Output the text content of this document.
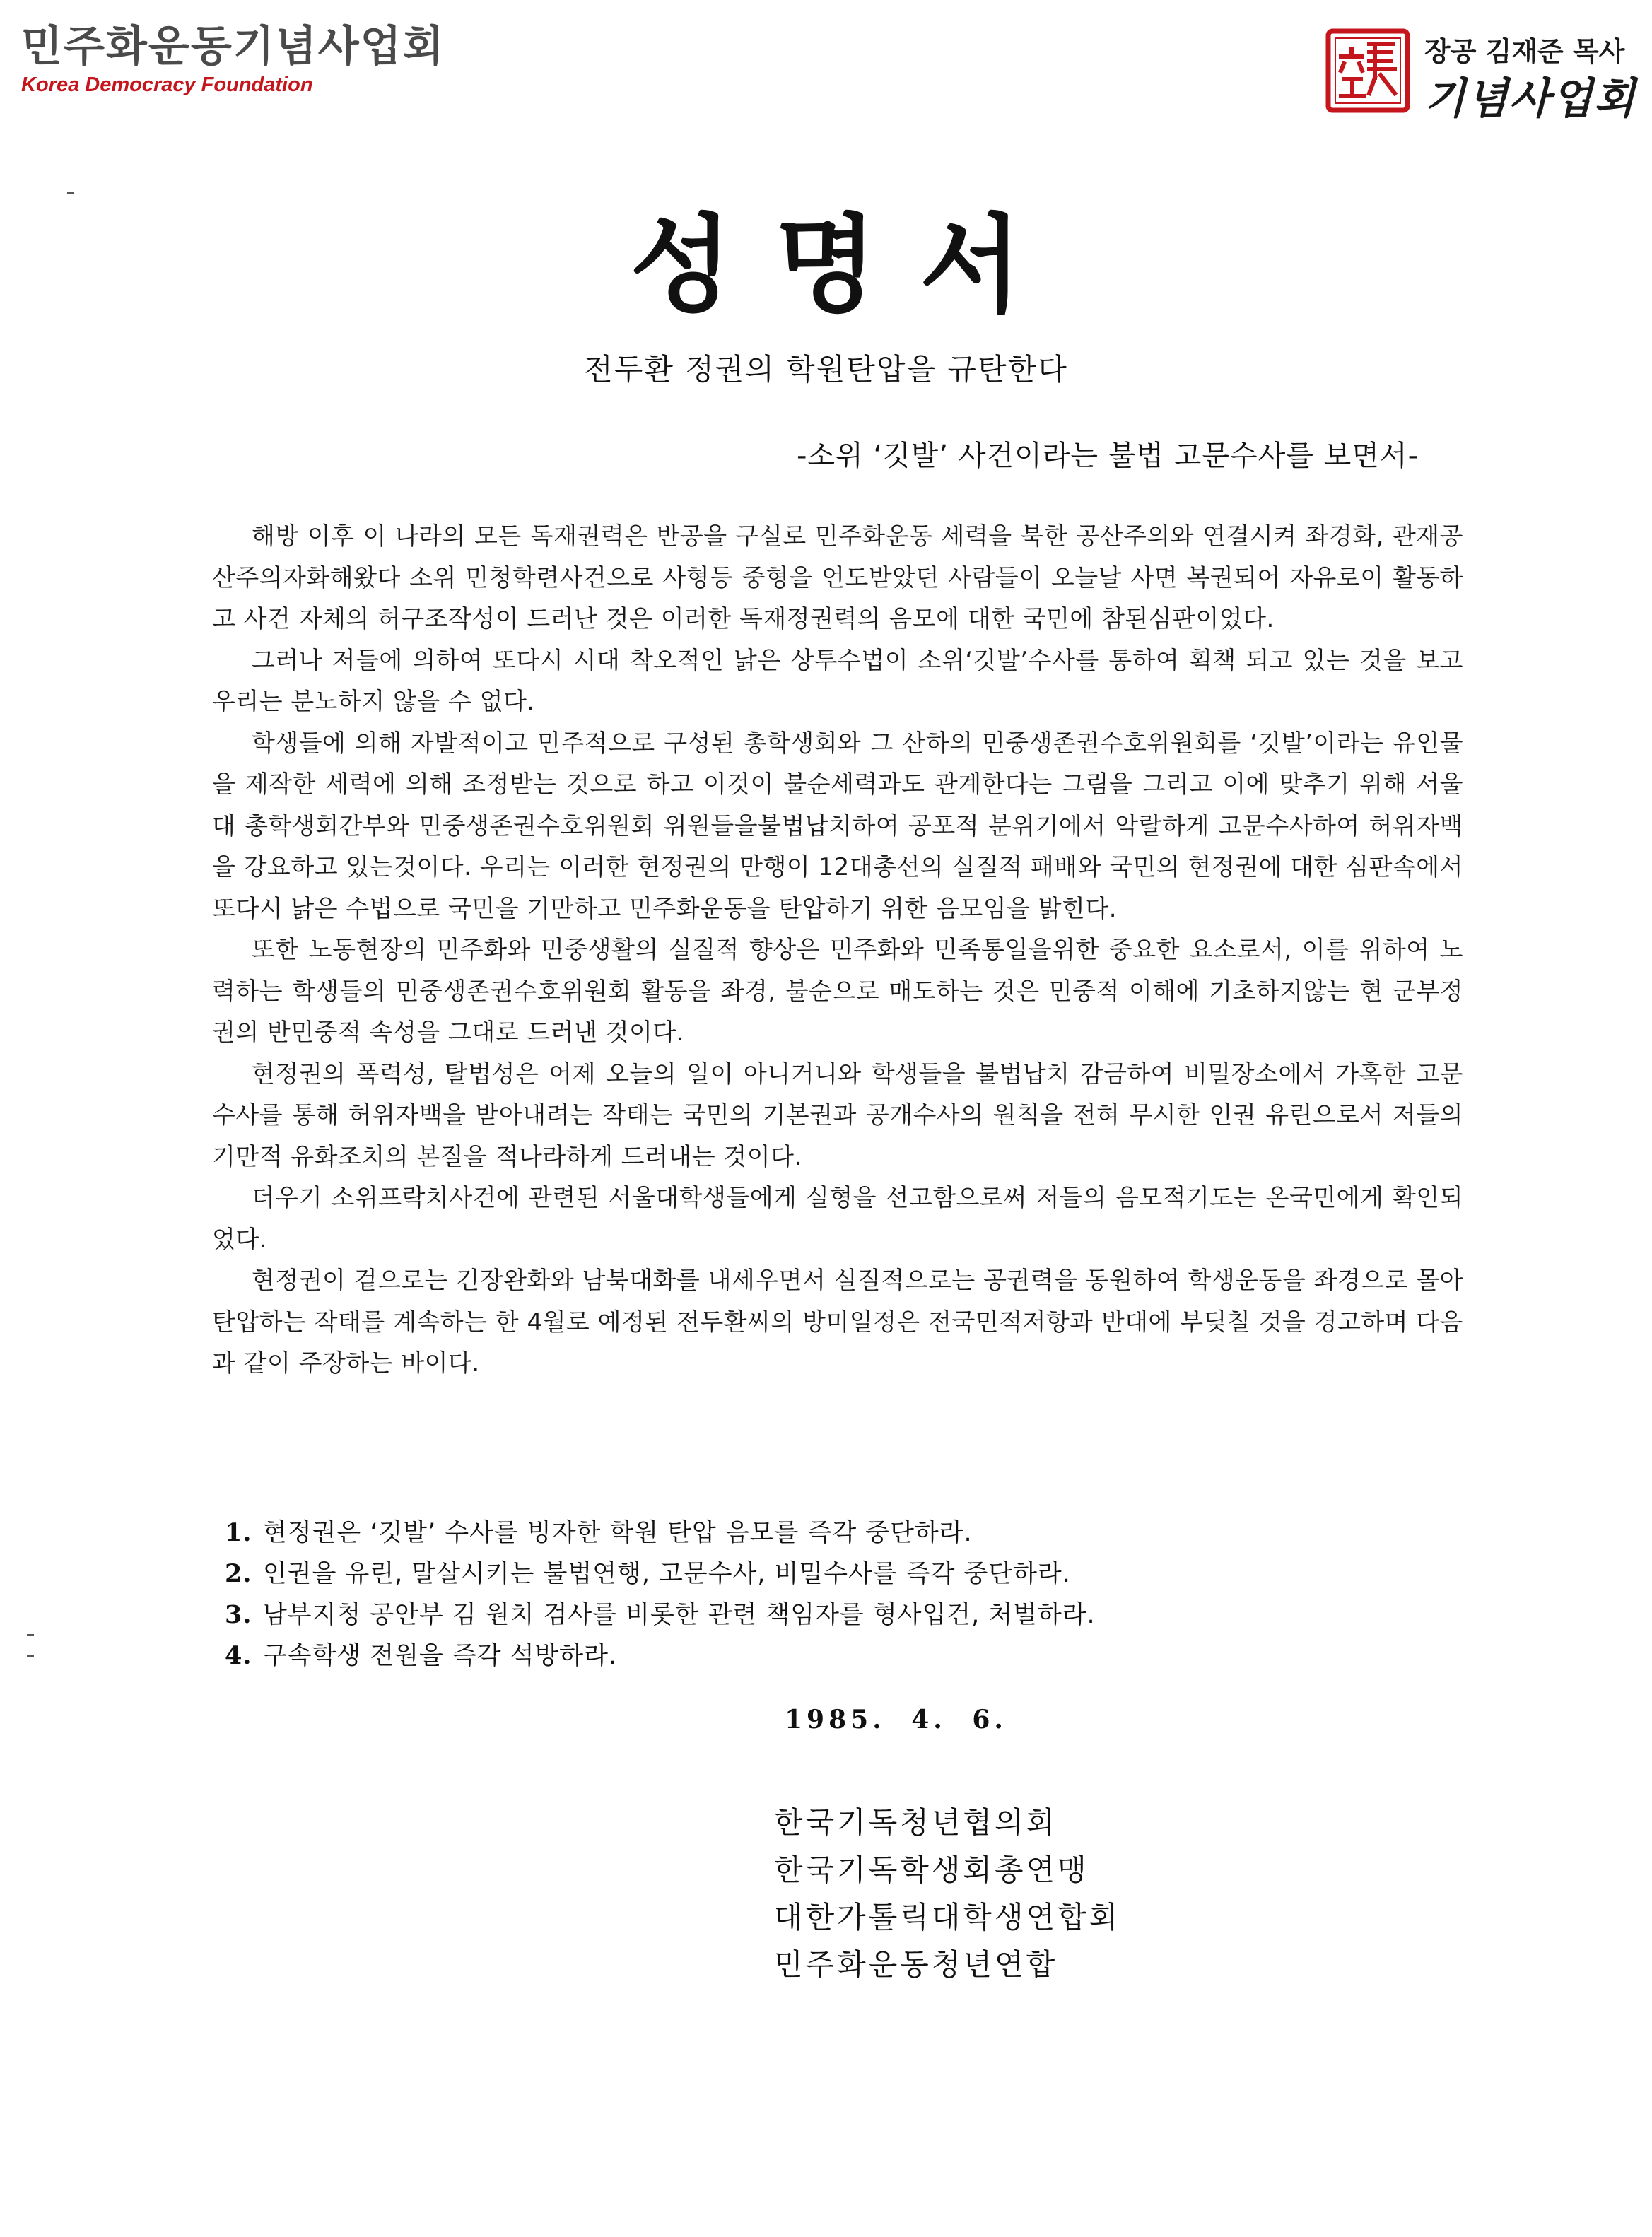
민주화운동기념사업회
Korea Democracy Foundation
장공 김재준 목사
기념사업회
성명서
전두환 정권의 학원탄압을 규탄한다
-소위 ‘깃발’ 사건이라는 불법 고문수사를 보면서-

해방 이후 이 나라의 모든 독재권력은 반공을 구실로 민주화운동 세력을 북한 공산주의와 연결시켜 좌경화, 관재공산주의자화해왔다 소위 민청학련사건으로 사형등 중형을 언도받았던 사람들이 오늘날 사면 복권되어 자유로이 활동하고 사건 자체의 허구조작성이 드러난 것은 이러한 독재정권력의 음모에 대한 국민에 참된심판이었다.

그러나 저들에 의하여 또다시 시대 착오적인 낡은 상투수법이 소위‘깃발’수사를 통하여 획책 되고 있는 것을 보고 우리는 분노하지 않을 수 없다.

학생들에 의해 자발적이고 민주적으로 구성된 총학생회와 그 산하의 민중생존권수호위원회를 ‘깃발’이라는 유인물을 제작한 세력에 의해 조정받는 것으로 하고 이것이 불순세력과도 관계한다는 그림을 그리고 이에 맞추기 위해 서울대 총학생회간부와 민중생존권수호위원회 위원들을불법납치하여 공포적 분위기에서 악랄하게 고문수사하여 허위자백을 강요하고 있는것이다. 우리는 이러한 현정권의 만행이 12대총선의 실질적 패배와 국민의 현정권에 대한 심판속에서 또다시 낡은 수법으로 국민을 기만하고 민주화운동을 탄압하기 위한 음모임을 밝힌다.

또한 노동현장의 민주화와 민중생활의 실질적 향상은 민주화와 민족통일을위한 중요한 요소로서, 이를 위하여 노력하는 학생들의 민중생존권수호위원회 활동을 좌경, 불순으로 매도하는 것은 민중적 이해에 기초하지않는 현 군부정권의 반민중적 속성을 그대로 드러낸 것이다.

현정권의 폭력성, 탈법성은 어제 오늘의 일이 아니거니와 학생들을 불법납치 감금하여 비밀장소에서 가혹한 고문수사를 통해 허위자백을 받아내려는 작태는 국민의 기본권과 공개수사의 원칙을 전혀 무시한 인권 유린으로서 저들의 기만적 유화조치의 본질을 적나라하게 드러내는 것이다.

더우기 소위프락치사건에 관련된 서울대학생들에게 실형을 선고함으로써 저들의 음모적기도는 온국민에게 확인되었다.

현정권이 겉으로는 긴장완화와 남북대화를 내세우면서 실질적으로는 공권력을 동원하여 학생운동을 좌경으로 몰아 탄압하는 작태를 계속하는 한 4월로 예정된 전두환씨의 방미일정은 전국민적저항과 반대에 부딪칠 것을 경고하며 다음과 같이 주장하는 바이다.

1. 현정권은 ‘깃발’ 수사를 빙자한 학원 탄압 음모를 즉각 중단하라.
2. 인권을 유린, 말살시키는 불법연행, 고문수사, 비밀수사를 즉각 중단하라.
3. 남부지청 공안부 김 원치 검사를 비롯한 관련 책임자를 형사입건, 처벌하라.
4. 구속학생 전원을 즉각 석방하라.
1985. 4. 6.
한국기독청년협의회
한국기독학생회총연맹
대한가톨릭대학생연합회
민주화운동청년연합
